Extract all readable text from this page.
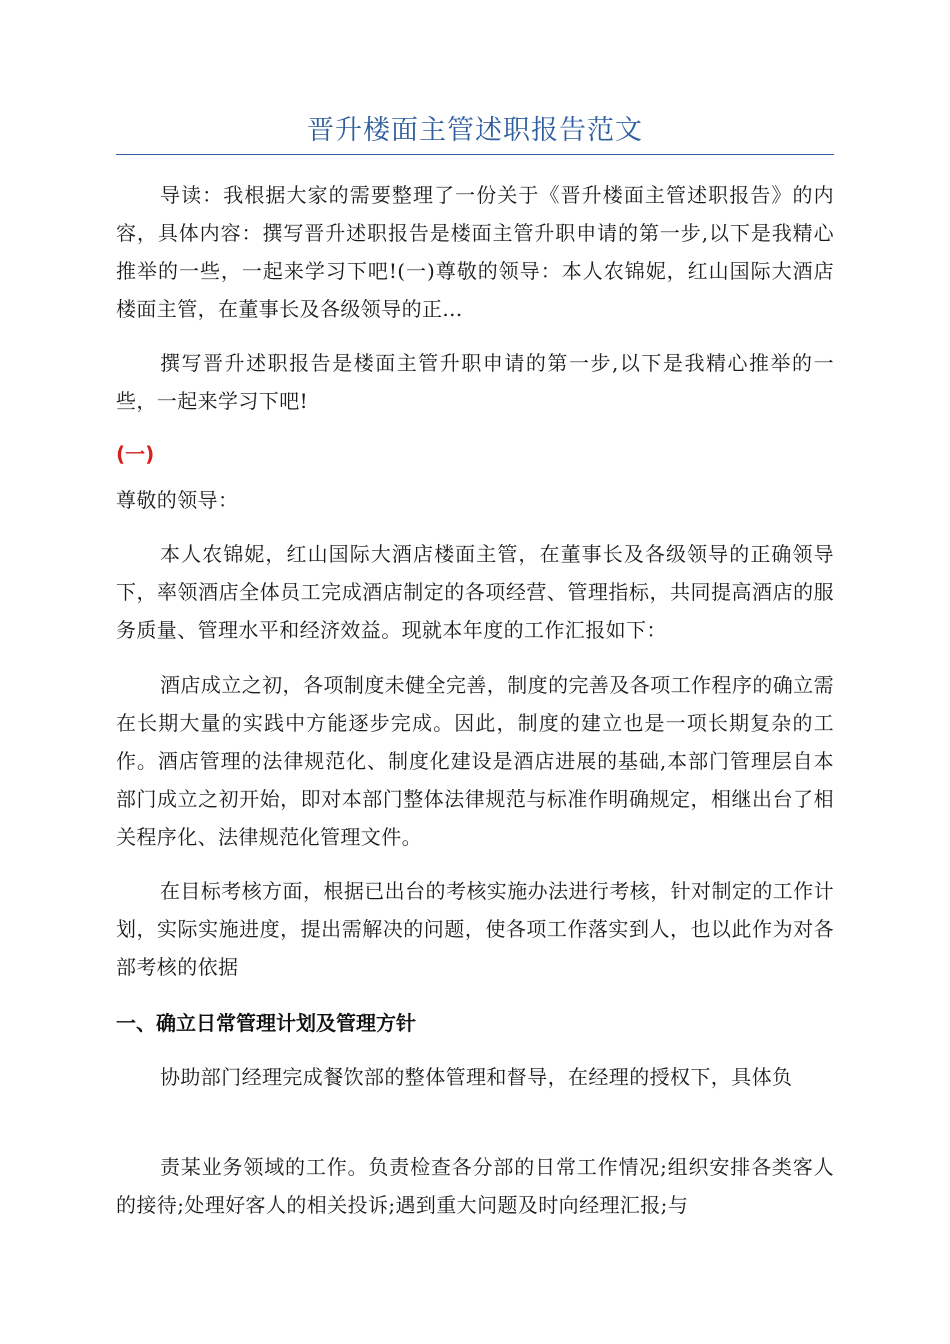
晋升楼面主管述职报告范文

导读：我根据大家的需要整理了一份关于《晋升楼面主管述职报告》的内容，具体内容：撰写晋升述职报告是楼面主管升职申请的第一步,以下是我精心推举的一些，一起来学习下吧!(一)尊敬的领导：本人农锦妮，红山国际大酒店楼面主管，在董事长及各级领导的正...

撰写晋升述职报告是楼面主管升职申请的第一步,以下是我精心推举的一些，一起来学习下吧!

(一)

尊敬的领导：

本人农锦妮，红山国际大酒店楼面主管，在董事长及各级领导的正确领导下，率领酒店全体员工完成酒店制定的各项经营、管理指标，共同提高酒店的服务质量、管理水平和经济效益。现就本年度的工作汇报如下：

酒店成立之初，各项制度未健全完善，制度的完善及各项工作程序的确立需在长期大量的实践中方能逐步完成。因此，制度的建立也是一项长期复杂的工作。酒店管理的法律规范化、制度化建设是酒店进展的基础,本部门管理层自本部门成立之初开始，即对本部门整体法律规范与标准作明确规定，相继出台了相关程序化、法律规范化管理文件。

在目标考核方面，根据已出台的考核实施办法进行考核，针对制定的工作计划，实际实施进度，提出需解决的问题，使各项工作落实到人，也以此作为对各部考核的依据

一、确立日常管理计划及管理方针

协助部门经理完成餐饮部的整体管理和督导，在经理的授权下，具体负

责某业务领域的工作。负责检查各分部的日常工作情况;组织安排各类客人的接待;处理好客人的相关投诉;遇到重大问题及时向经理汇报;与
